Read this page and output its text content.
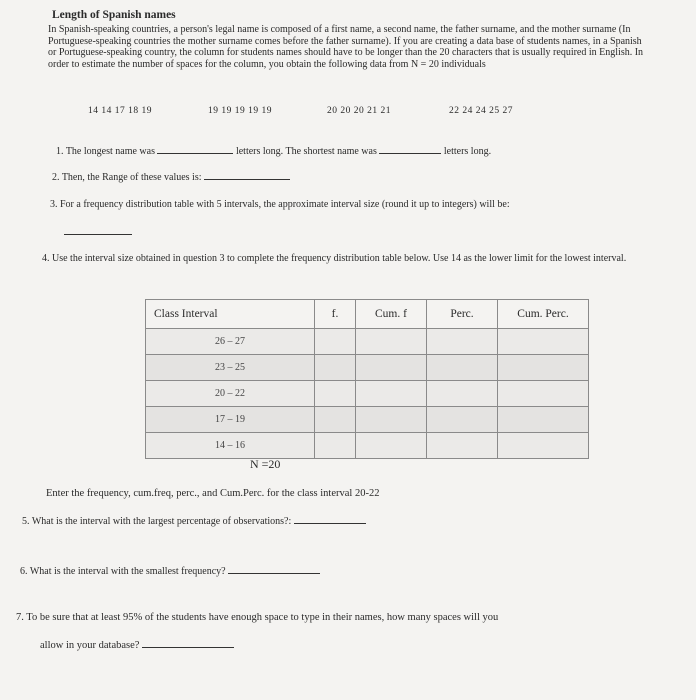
Length of Spanish names
In Spanish-speaking countries, a person's legal name is composed of a first name, a second name, the father surname, and the mother surname (In Portuguese-speaking countries the mother surname comes before the father surname). If you are creating a data base of students names, in a Spanish or Portuguese-speaking country, the column for students names should have to be longer than the 20 characters that is usually required in English. In order to estimate the number of spaces for the column, you obtain the following data from N = 20 individuals
14 14 17 18 19	19 19 19 19 19	20 20 20 21 21	22 24 24 25 27
1. The longest name was	letters long. The shortest name was	letters long.
2. Then, the Range of these values is:
3. For a frequency distribution table with 5 intervals, the approximate interval size (round it up to integers) will be:
4. Use the interval size obtained in question 3 to complete the frequency distribution table below. Use 14 as the lower limit for the lowest interval.
Class Interval	f.	Cum. f	Perc.	Cum. Perc.
26 – 27				
23 – 25				
20 – 22				
17 – 19				
14 – 16				
N =20
Enter the frequency, cum.freq, perc., and Cum.Perc. for the class interval 20-22
5. What is the interval with the largest percentage of observations?:
6. What is the interval with the smallest frequency?
7. To be sure that at least 95% of the students have enough space to type in their names, how many spaces will you
allow in your database?
